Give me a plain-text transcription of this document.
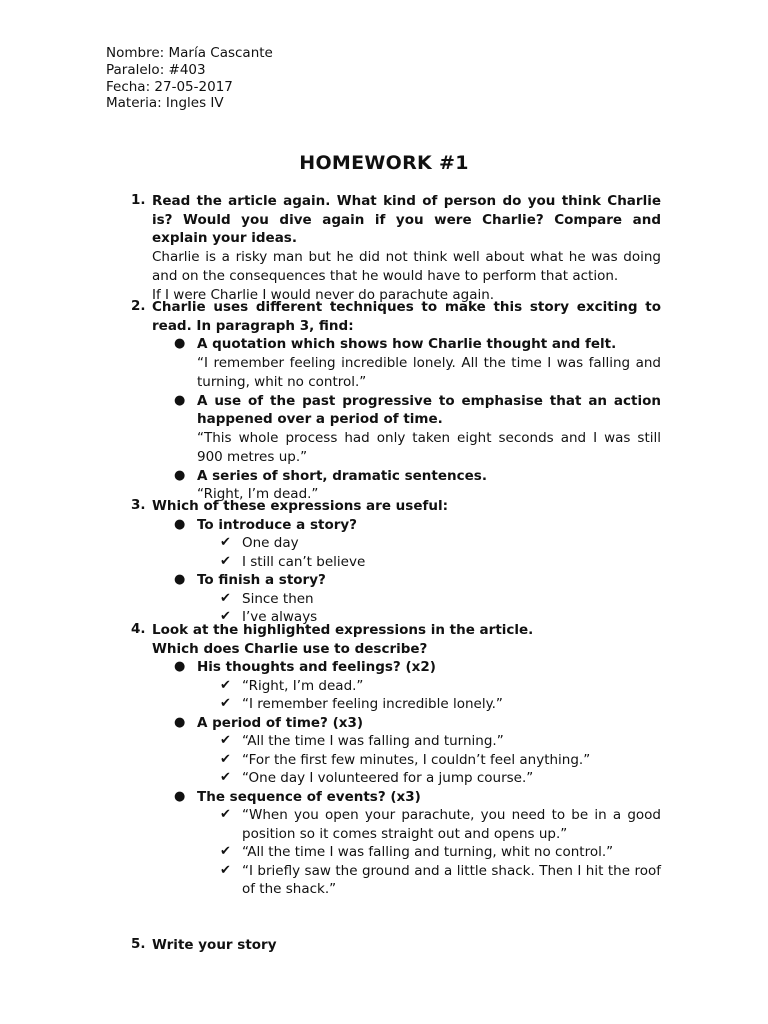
Nombre: María Cascante
Paralelo: #403
Fecha: 27-05-2017
Materia: Ingles IV
HOMEWORK #1
1. Read the article again. What kind of person do you think Charlie is? Would you dive again if you were Charlie? Compare and explain your ideas.
Charlie is a risky man but he did not think well about what he was doing and on the consequences that he would have to perform that action.
If I were Charlie I would never do parachute again.
2. Charlie uses different techniques to make this story exciting to read. In paragraph 3, find:
● A quotation which shows how Charlie thought and felt.
“I remember feeling incredible lonely. All the time I was falling and turning, whit no control.”
● A use of the past progressive to emphasise that an action happened over a period of time.
“This whole process had only taken eight seconds and I was still 900 metres up.”
● A series of short, dramatic sentences.
“Right, I’m dead.”
3. Which of these expressions are useful:
● To introduce a story?
✔ One day
✔ I still can’t believe
● To finish a story?
✔ Since then
✔ I’ve always
4. Look at the highlighted expressions in the article.
Which does Charlie use to describe?
● His thoughts and feelings? (x2)
✔ “Right, I’m dead.”
✔ “I remember feeling incredible lonely.”
● A period of time? (x3)
✔ “All the time I was falling and turning.”
✔ “For the first few minutes, I couldn’t feel anything.”
✔ “One day I volunteered for a jump course.”
● The sequence of events? (x3)
✔ “When you open your parachute, you need to be in a good position so it comes straight out and opens up.”
✔ “All the time I was falling and turning, whit no control.”
✔ “I briefly saw the ground and a little shack. Then I hit the roof of the shack.”
5. Write your story
